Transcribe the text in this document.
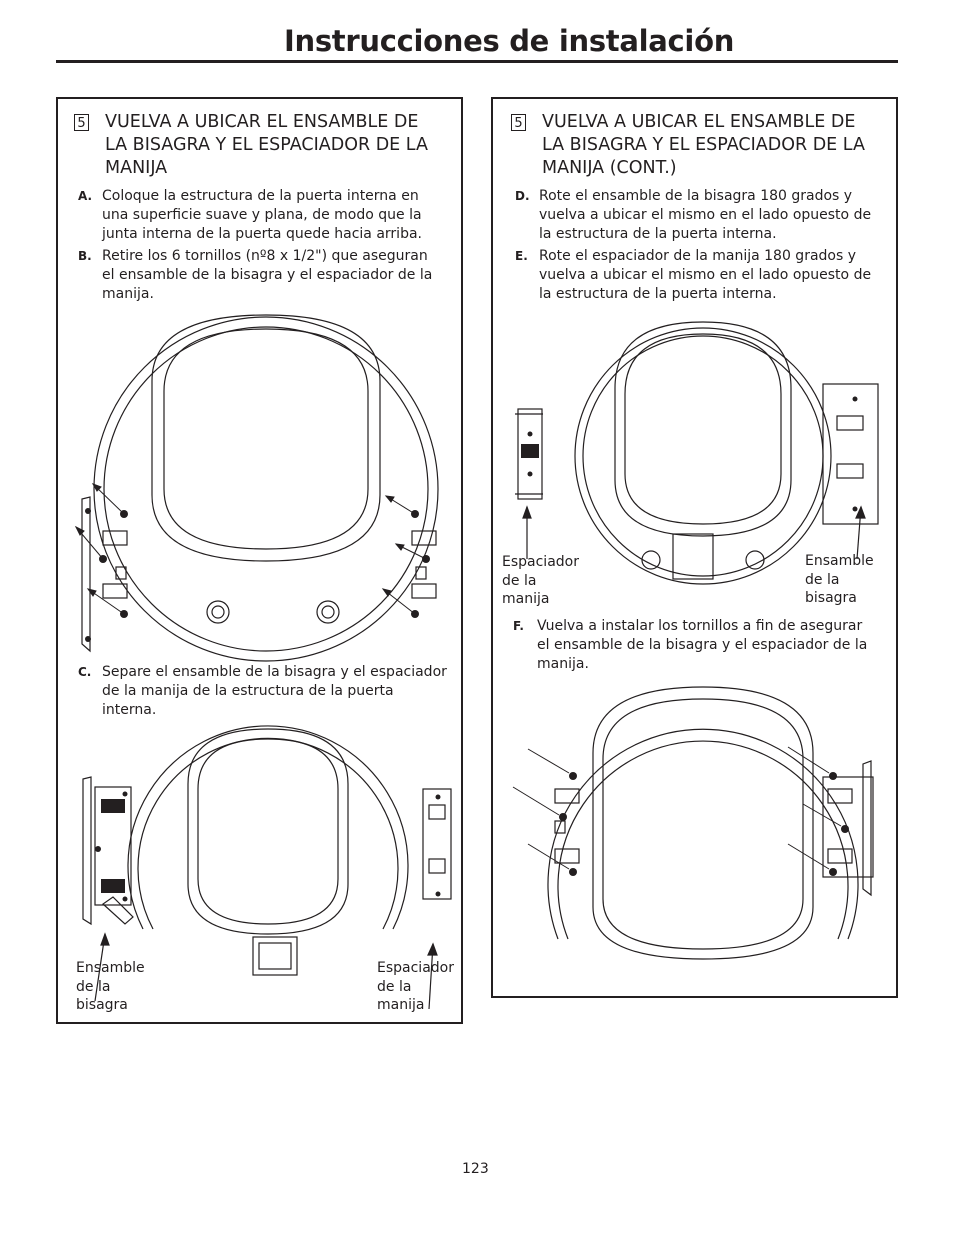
Instrucciones de instalación
5 VUELVA A UBICAR EL ENSAMBLE DE
LA BISAGRA Y EL ESPACIADOR DE LA
MANIJA
A. Coloque la estructura de la puerta interna en
una superficie suave y plana, de modo que la
junta interna de la puerta quede hacia arriba.
B. Retire los 6 tornillos (nº8 x 1/2") que aseguran
el ensamble de la bisagra y el espaciador de la
manija.
C. Separe el ensamble de la bisagra y el espaciador
de la manija de la estructura de la puerta
interna.
Ensamble
de la
bisagra
Espaciador
de la
manija
5 VUELVA A UBICAR EL ENSAMBLE DE
LA BISAGRA Y EL ESPACIADOR DE LA
MANIJA (CONT.)
D. Rote el ensamble de la bisagra 180 grados y
vuelva a ubicar el mismo en el lado opuesto de
la estructura de la puerta interna.
E. Rote el espaciador de la manija 180 grados y
vuelva a ubicar el mismo en el lado opuesto de
la estructura de la puerta interna.
Espaciador
de la
manija
Ensamble
de la
bisagra
F. Vuelva a instalar los tornillos a fin de asegurar
el ensamble de la bisagra y el espaciador de la
manija.
123
